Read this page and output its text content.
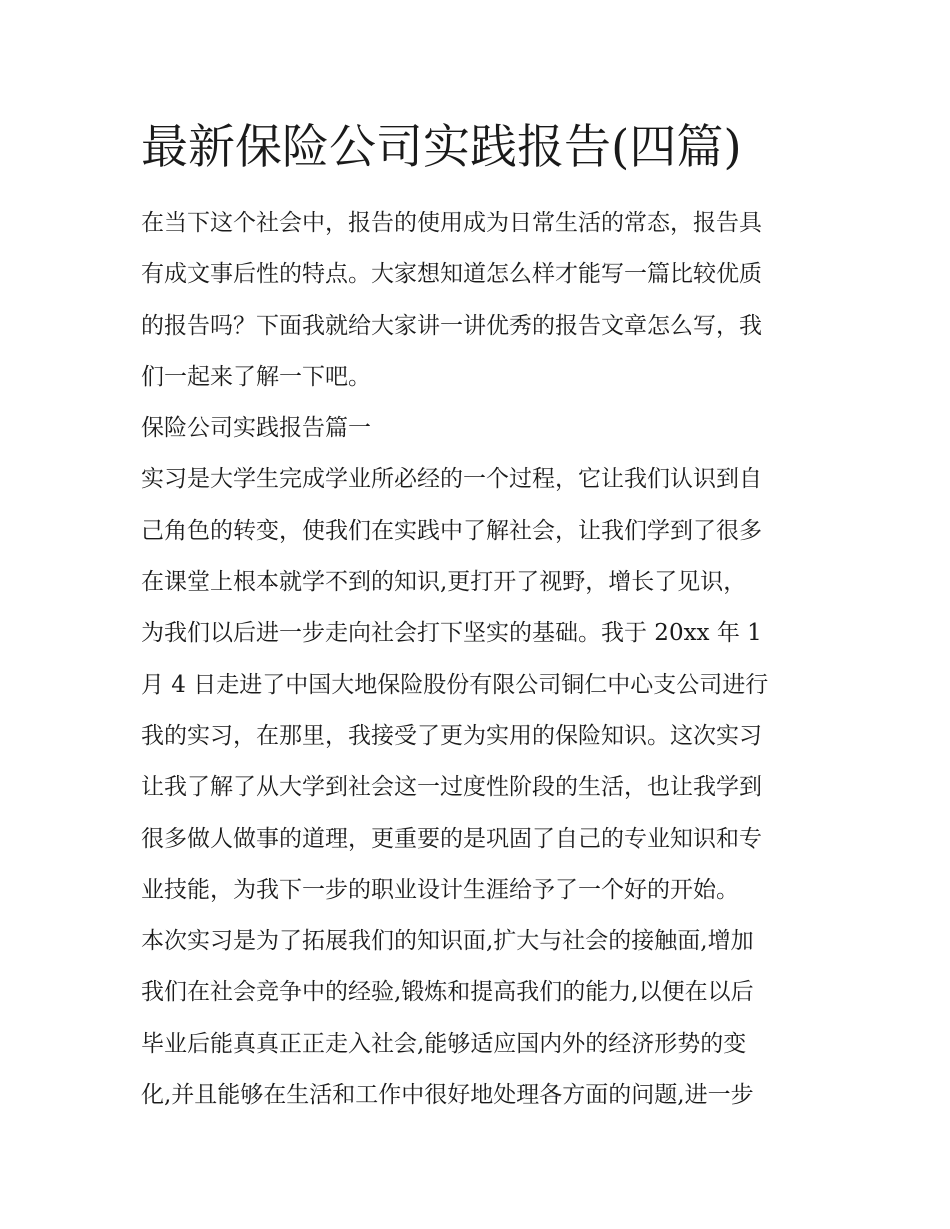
最新保险公司实践报告(四篇)

在当下这个社会中，报告的使用成为日常生活的常态，报告具

有成文事后性的特点。大家想知道怎么样才能写一篇比较优质

的报告吗？下面我就给大家讲一讲优秀的报告文章怎么写，我

们一起来了解一下吧。

保险公司实践报告篇一

实习是大学生完成学业所必经的一个过程，它让我们认识到自

己角色的转变，使我们在实践中了解社会，让我们学到了很多

在课堂上根本就学不到的知识,更打开了视野，增长了见识，

为我们以后进一步走向社会打下坚实的基础。我于 20xx 年 1

月 4 日走进了中国大地保险股份有限公司铜仁中心支公司进行

我的实习，在那里，我接受了更为实用的保险知识。这次实习

让我了解了从大学到社会这一过度性阶段的生活，也让我学到

很多做人做事的道理，更重要的是巩固了自己的专业知识和专

业技能，为我下一步的职业设计生涯给予了一个好的开始。

本次实习是为了拓展我们的知识面,扩大与社会的接触面,增加

我们在社会竞争中的经验,锻炼和提高我们的能力,以便在以后

毕业后能真真正正走入社会,能够适应国内外的经济形势的变

化,并且能够在生活和工作中很好地处理各方面的问题,进一步
